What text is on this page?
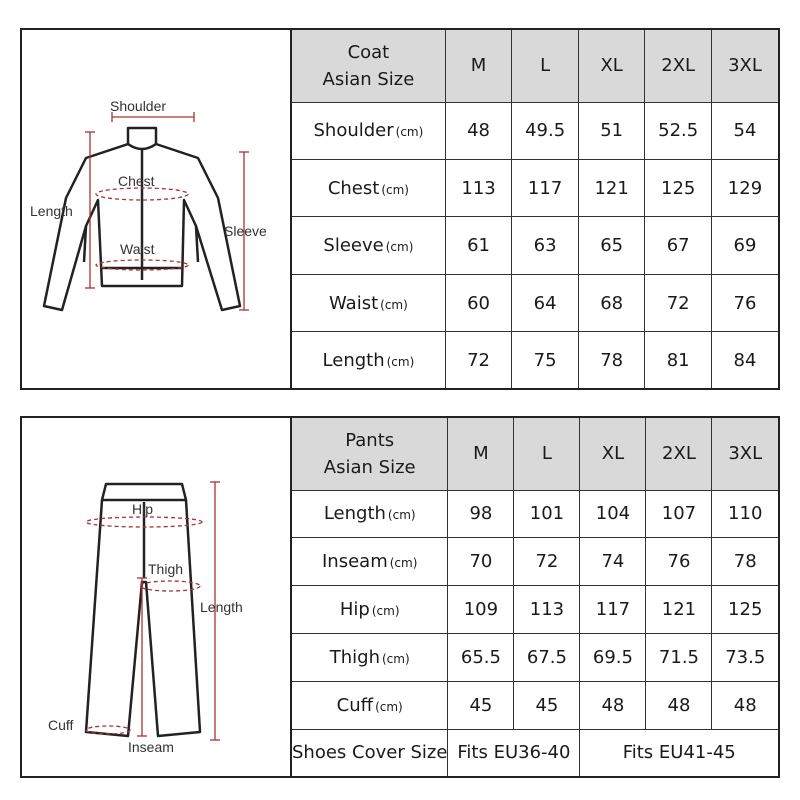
Shoulder
Chest
Waist
Length
Sleeve
Coat
Asian Size	M	L	XL	2XL	3XL
Shoulder (cm)	48	49.5	51	52.5	54
Chest (cm)	113	117	121	125	129
Sleeve (cm)	61	63	65	67	69
Waist (cm)	60	64	68	72	76
Length (cm)	72	75	78	81	84
Hip
Thigh
Length
Cuff
Inseam
Pants
Asian Size	M	L	XL	2XL	3XL
Length (cm)	98	101	104	107	110
Inseam (cm)	70	72	74	76	78
Hip (cm)	109	113	117	121	125
Thigh (cm)	65.5	67.5	69.5	71.5	73.5
Cuff (cm)	45	45	48	48	48
Shoes Cover Size	Fits EU36-40		Fits EU41-45		
